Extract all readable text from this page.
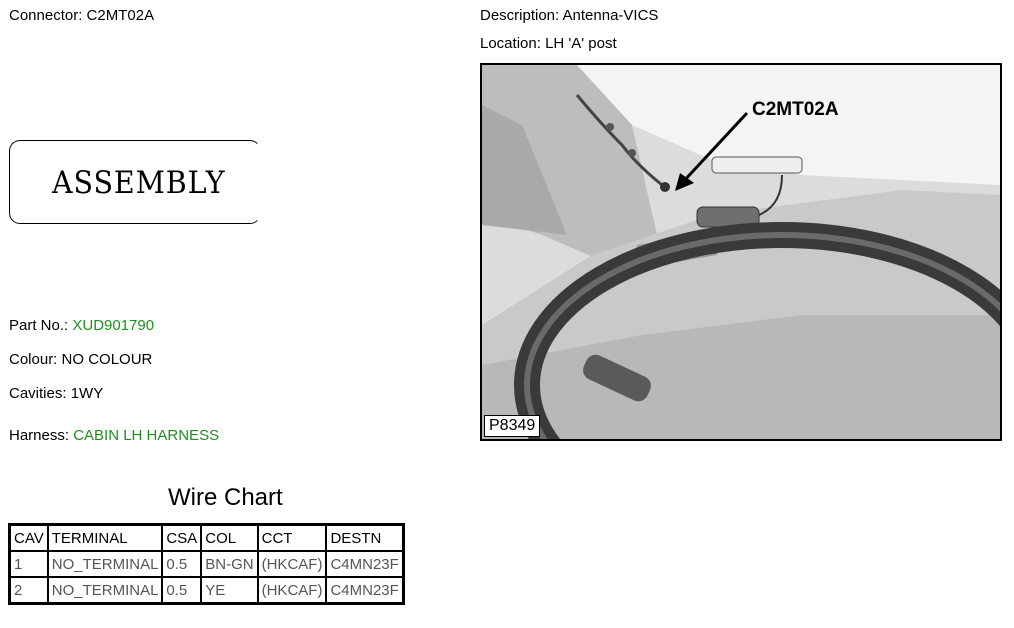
Connector: C2MT02A	Description: Antenna-VICS
Location: LH 'A' post
ASSEMBLY
Part No.: XUD901790
Colour: NO COLOUR
Cavities: 1WY
Harness: CABIN LH HARNESS
Wire Chart
CAV	TERMINAL	CSA	COL	CCT	DESTN
1	NO_TERMINAL	0.5	BN-GN	(HKCAF)	C4MN23F
2	NO_TERMINAL	0.5	YE	(HKCAF)	C4MN23F
C2MT02A
P8349
